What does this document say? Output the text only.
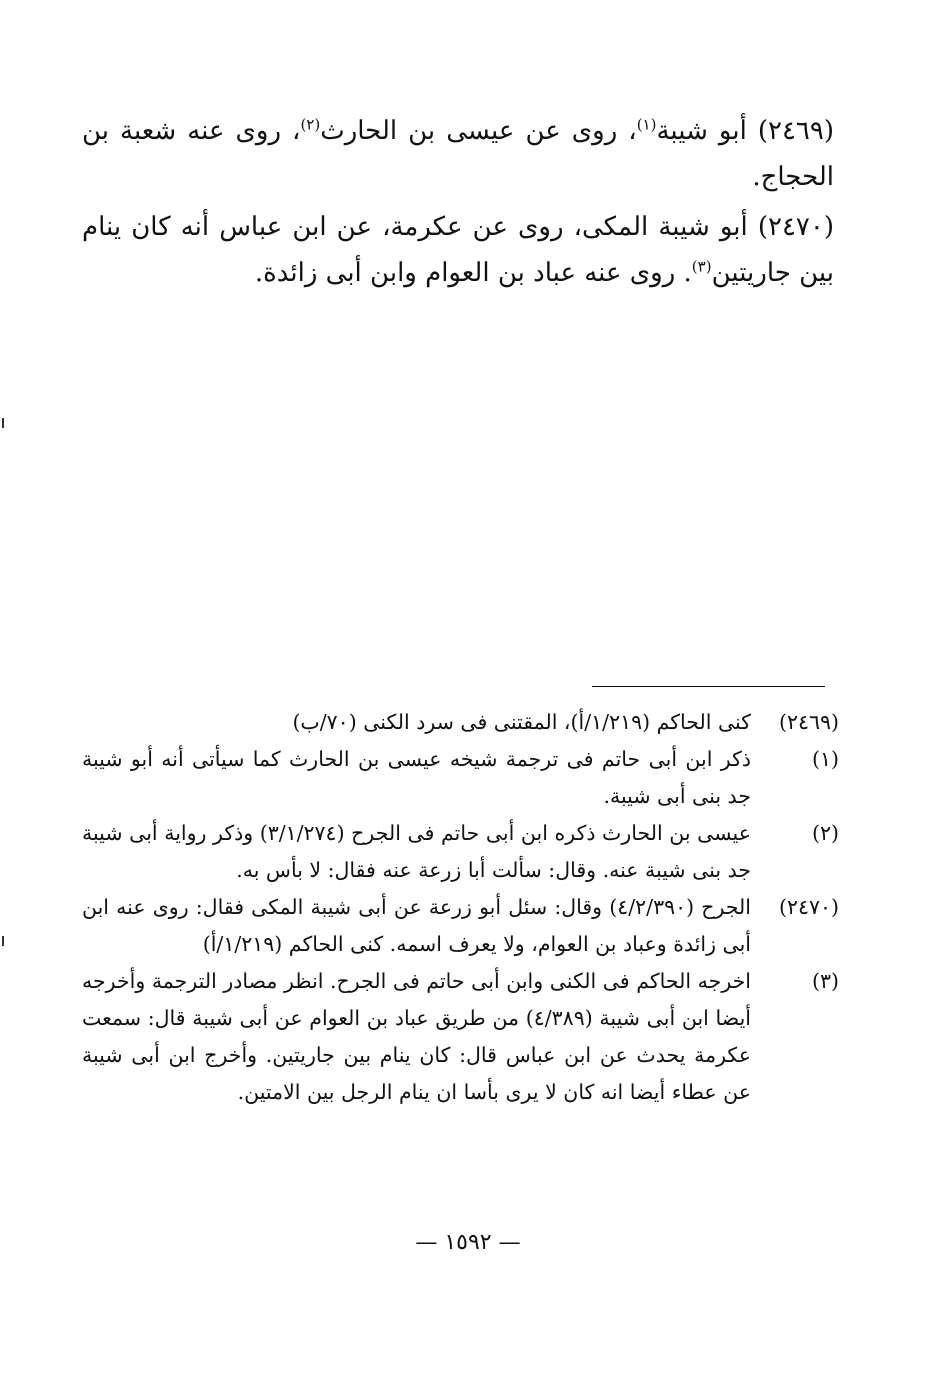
(٢٤٦٩) أبو شيبة$^{(١)}$، روى عن عيسى بن الحارث$^{(٢)}$، روى عنه شعبة بن الحجاج.

(٢٤٧٠) أبو شيبة المكى، روى عن عكرمة، عن ابن عباس أنه كان ينام بين جاريتين$^{(٣)}$. روى عنه عباد بن العوام وابن أبى زائدة.

(٢٤٦٩)
كنى الحاكم (١/٢١٩/أ)، المقتنى فى سرد الكنى (٧٠/ب)
(١)
ذكر ابن أبى حاتم فى ترجمة شيخه عيسى بن الحارث كما سيأتى أنه أبو شيبة جد بنى أبى شيبة.
(٢)
عيسى بن الحارث ذكره ابن أبى حاتم فى الجرح (٣/١/٢٧٤) وذكر رواية أبى شيبة جد بنى شيبة عنه. وقال: سألت أبا زرعة عنه فقال: لا بأس به.
(٢٤٧٠)
الجرح (٤/٢/٣٩٠) وقال: سئل أبو زرعة عن أبى شيبة المكى فقال: روى عنه ابن أبى زائدة وعباد بن العوام، ولا يعرف اسمه. كنى الحاكم (١/٢١٩/أ)
(٣)
اخرجه الحاكم فى الكنى وابن أبى حاتم فى الجرح. انظر مصادر الترجمة وأخرجه أيضا ابن أبى شيبة (٤/٣٨٩) من طريق عباد بن العوام عن أبى شيبة قال: سمعت عكرمة يحدث عن ابن عباس قال: كان ينام بين جاريتين. وأخرج ابن أبى شيبة عن عطاء أيضا انه كان لا يرى بأسا ان ينام الرجل بين الامتين.
— ١٥٩٢ —
